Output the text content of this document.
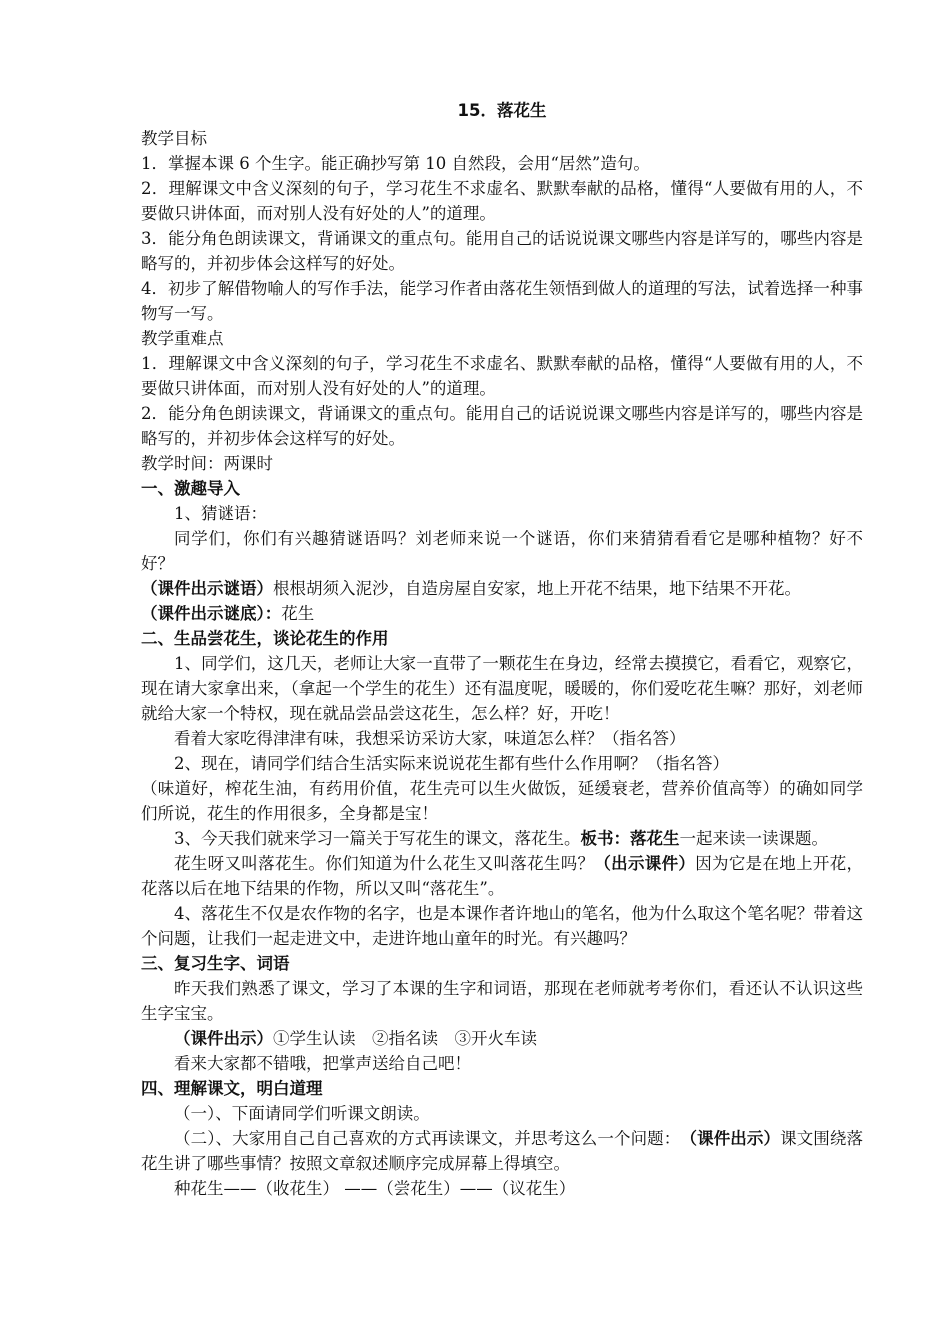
15．落花生
教学目标
1．掌握本课 6 个生字。能正确抄写第 10 自然段，会用“居然”造句。
2．理解课文中含义深刻的句子，学习花生不求虚名、默默奉献的品格，懂得“人要做有用的人，不要做只讲体面，而对别人没有好处的人”的道理。
3．能分角色朗读课文，背诵课文的重点句。能用自己的话说说课文哪些内容是详写的，哪些内容是略写的，并初步体会这样写的好处。
4．初步了解借物喻人的写作手法，能学习作者由落花生领悟到做人的道理的写法，试着选择一种事物写一写。
教学重难点
1．理解课文中含义深刻的句子，学习花生不求虚名、默默奉献的品格，懂得“人要做有用的人，不要做只讲体面，而对别人没有好处的人”的道理。
2．能分角色朗读课文，背诵课文的重点句。能用自己的话说说课文哪些内容是详写的，哪些内容是略写的，并初步体会这样写的好处。
教学时间：两课时
一、激趣导入
1、猜谜语：
同学们，你们有兴趣猜谜语吗？刘老师来说一个谜语，你们来猜猜看看它是哪种植物？好不好？
（课件出示谜语）根根胡须入泥沙，自造房屋自安家，地上开花不结果，地下结果不开花。
（课件出示谜底）：花生
二、生品尝花生，谈论花生的作用
1、同学们，这几天，老师让大家一直带了一颗花生在身边，经常去摸摸它，看看它，观察它，现在请大家拿出来，（拿起一个学生的花生）还有温度呢，暖暖的，你们爱吃花生嘛？那好，刘老师就给大家一个特权，现在就品尝品尝这花生，怎么样？好，开吃！
看着大家吃得津津有味，我想采访采访大家，味道怎么样？（指名答）
2、现在，请同学们结合生活实际来说说花生都有些什么作用啊？（指名答）
（味道好，榨花生油，有药用价值，花生壳可以生火做饭，延缓衰老，营养价值高等）的确如同学们所说，花生的作用很多，全身都是宝！
3、今天我们就来学习一篇关于写花生的课文，落花生。板书：落花生一起来读一读课题。
花生呀又叫落花生。你们知道为什么花生又叫落花生吗？（出示课件）因为它是在地上开花，花落以后在地下结果的作物，所以又叫“落花生”。
4、落花生不仅是农作物的名字，也是本课作者许地山的笔名，他为什么取这个笔名呢？带着这个问题，让我们一起走进文中，走进许地山童年的时光。有兴趣吗？
三、复习生字、词语
昨天我们熟悉了课文，学习了本课的生字和词语，那现在老师就考考你们，看还认不认识这些生字宝宝。
（课件出示）①学生认读　②指名读　③开火车读
看来大家都不错哦，把掌声送给自己吧！
四、理解课文，明白道理
（一）、下面请同学们听课文朗读。
（二）、大家用自己自己喜欢的方式再读课文，并思考这么一个问题：　（课件出示）课文围绕落花生讲了哪些事情？按照文章叙述顺序完成屏幕上得填空。
种花生——（收花生） ——（尝花生）——（议花生）
